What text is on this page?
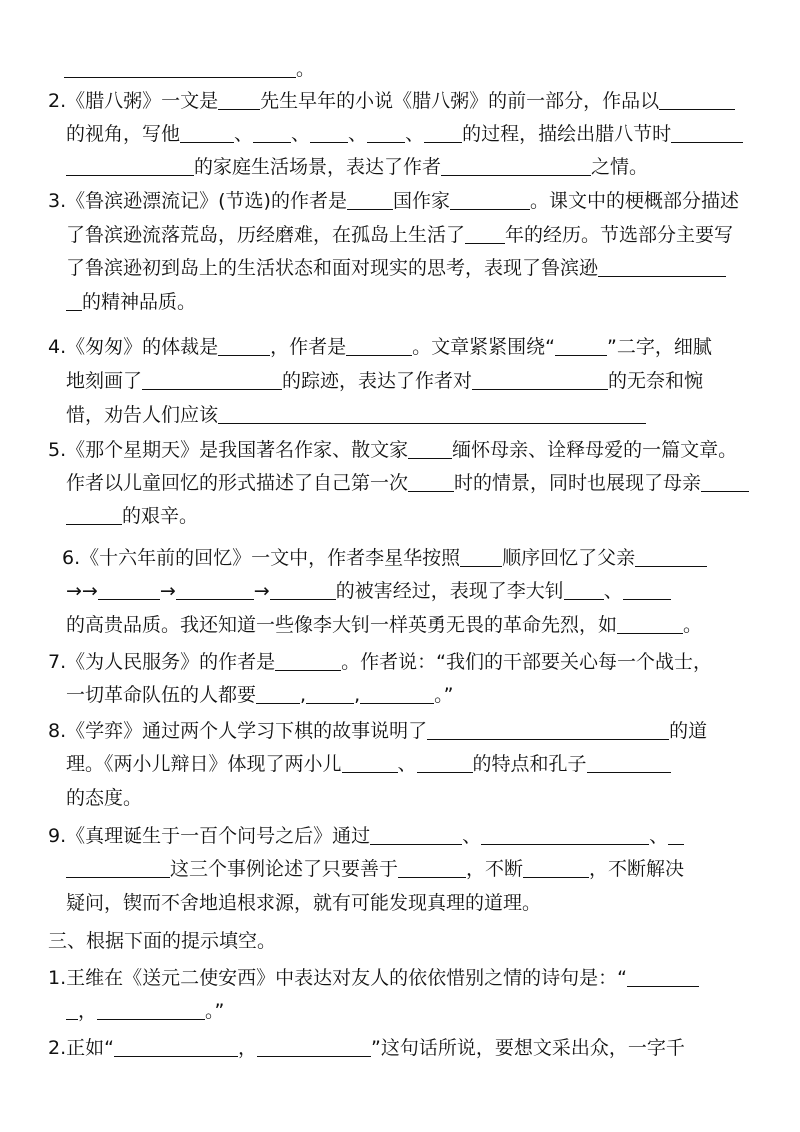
。
2.《腊八粥》一文是 先生早年的小说《腊八粥》的前一部分，作品以
的视角，写他	、 、 、 、 的过程，描绘出腊八节时
的家庭生活场景，表达了作者	之情。
3.《鲁滨逊漂流记》(节选)的作者是 国作家	。课文中的梗概部分描述
了鲁滨逊流落荒岛，历经磨难，在孤岛上生活了 年的经历。节选部分主要写
了鲁滨逊初到岛上的生活状态和面对现实的思考，表现了鲁滨逊
的精神品质。
4.《匆匆》的体裁是	，作者是	。文章紧紧围绕“	”二字，细腻
地刻画了	的踪迹，表达了作者对	的无奈和惋
惜，劝告人们应该
5.《那个星期天》是我国著名作家、散文家 缅怀母亲、诠释母爱的一篇文章。
作者以儿童回忆的形式描述了自己第一次 时的情景，同时也展现了母亲
的艰辛。
6.《十六年前的回忆》一文中，作者李星华按照 顺序回忆了父亲
→→	→	→	的被害经过，表现了李大钊 、
的高贵品质。我还知道一些像李大钊一样英勇无畏的革命先烈，如	。
7.《为人民服务》的作者是	。作者说：“我们的干部要关心每一个战士，
一切革命队伍的人都要 ,	,	。”
8.《学弈》通过两个人学习下棋的故事说明了	的道
理。《两小儿辩日》体现了两小儿	、	的特点和孔子
的态度。
9.《真理诞生于一百个问号之后》通过	、	、
这三个事例论述了只要善于	，不断	，不断解决
疑问，锲而不舍地追根求源，就有可能发现真理的道理。
三、根据下面的提示填空。
1.王维在《送元二使安西》中表达对友人的依依惜别之情的诗句是：“
，	。”
2.正如“	，	”这句话所说，要想文采出众，一字千
